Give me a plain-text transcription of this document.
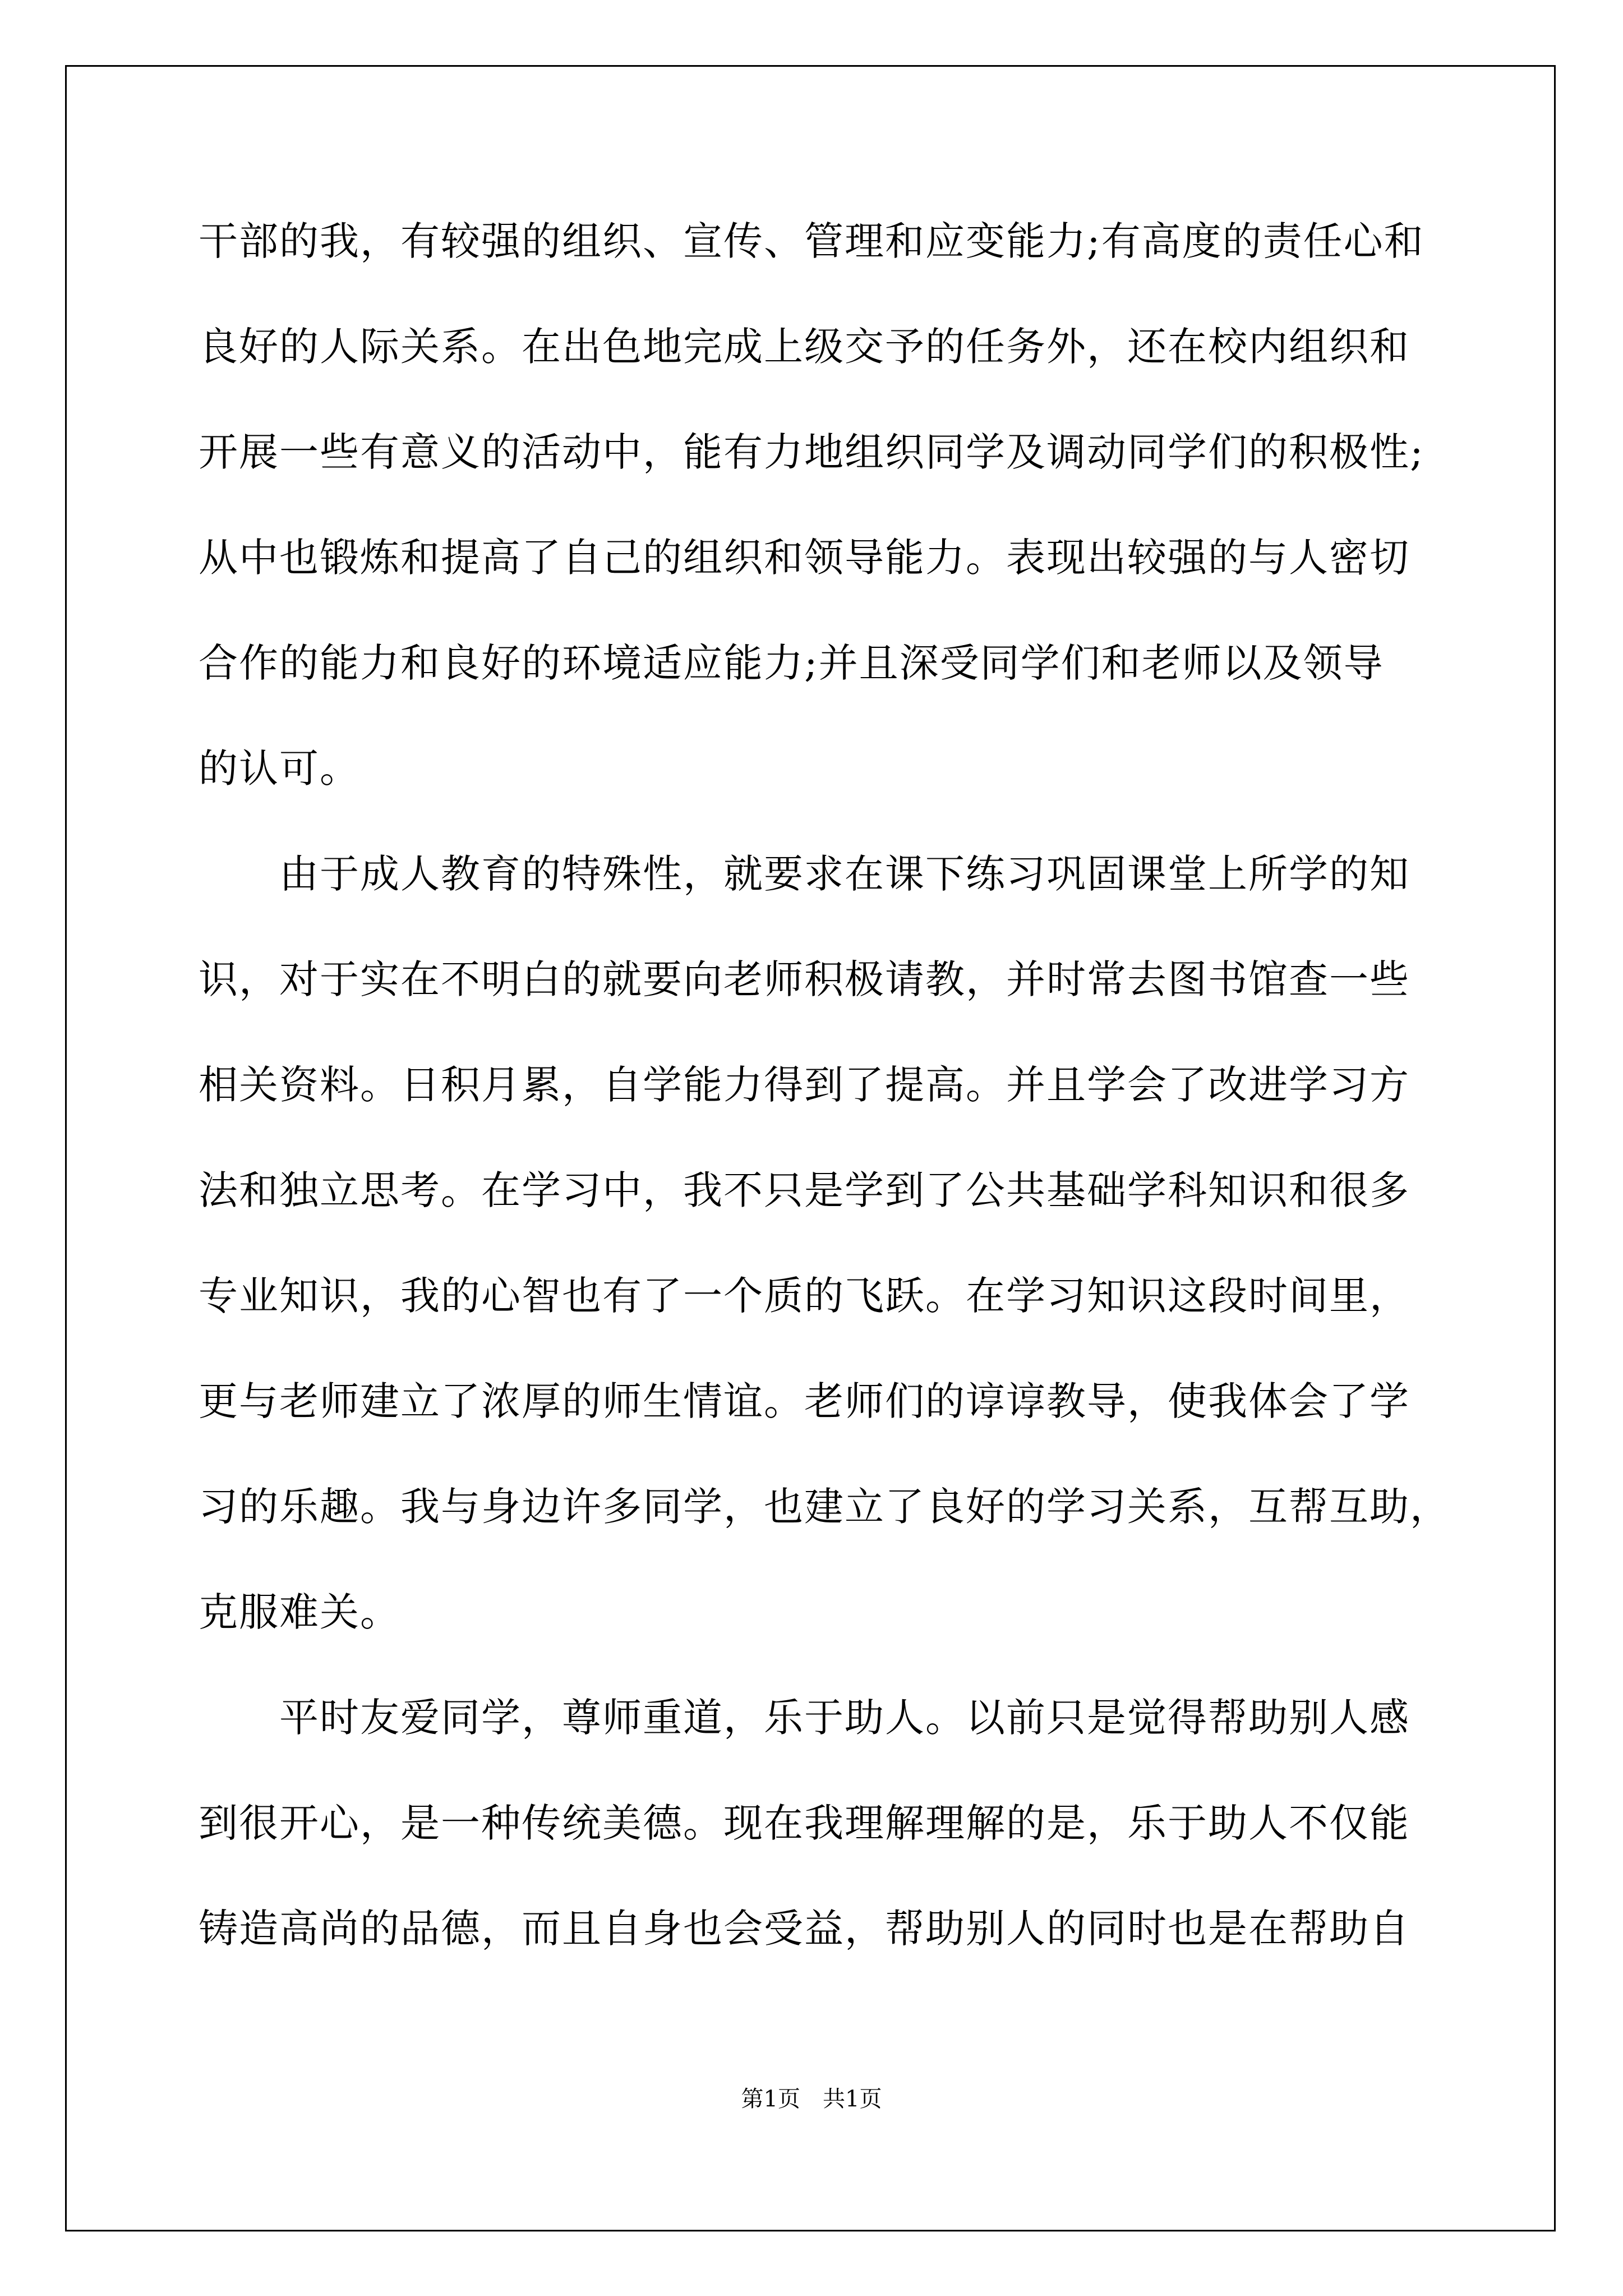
干部的我，有较强的组织、宣传、管理和应变能力;有高度的责任心和
良好的人际关系。在出色地完成上级交予的任务外，还在校内组织和
开展一些有意义的活动中，能有力地组织同学及调动同学们的积极性;
从中也锻炼和提高了自己的组织和领导能力。表现出较强的与人密切
合作的能力和良好的环境适应能力;并且深受同学们和老师以及领导
的认可。
　　由于成人教育的特殊性，就要求在课下练习巩固课堂上所学的知
识，对于实在不明白的就要向老师积极请教，并时常去图书馆查一些
相关资料。日积月累，自学能力得到了提高。并且学会了改进学习方
法和独立思考。在学习中，我不只是学到了公共基础学科知识和很多
专业知识，我的心智也有了一个质的飞跃。在学习知识这段时间里，
更与老师建立了浓厚的师生情谊。老师们的谆谆教导，使我体会了学
习的乐趣。我与身边许多同学，也建立了良好的学习关系，互帮互助，
克服难关。
　　平时友爱同学，尊师重道，乐于助人。以前只是觉得帮助别人感
到很开心，是一种传统美德。现在我理解理解的是，乐于助人不仅能
铸造高尚的品德，而且自身也会受益，帮助别人的同时也是在帮助自
第1页　共1页
